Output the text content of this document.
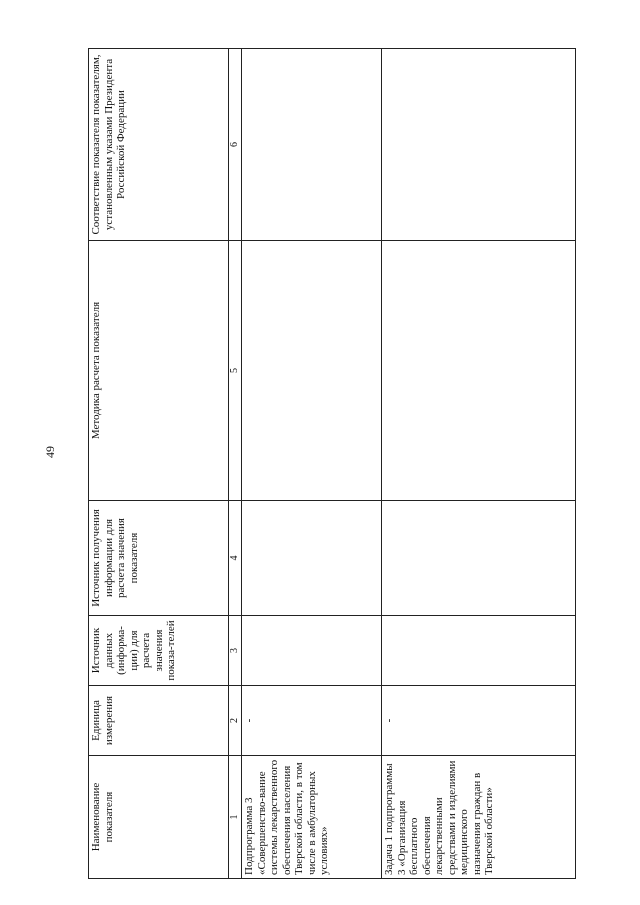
49
Наименование показателя	Единица измерения	Источник данных (информа-ции) для расчета значения показа-телей	Источник получения информации для расчета значения показателя	Методика расчета показателя	Соответствие показателя показателям, установленным указами Президента Российской Федерации
1	2	3	4	5	6
Подпрограмма 3 «Совершенство-вание системы лекарственного обеспечения населения Тверской области, в том числе в амбулаторных условиях»	-				
Задача 1 подпрограммы 3 «Организация бесплатного обеспечения лекарственными средствами и изделиями медицинского назначения граждан в Тверской области»	-				
